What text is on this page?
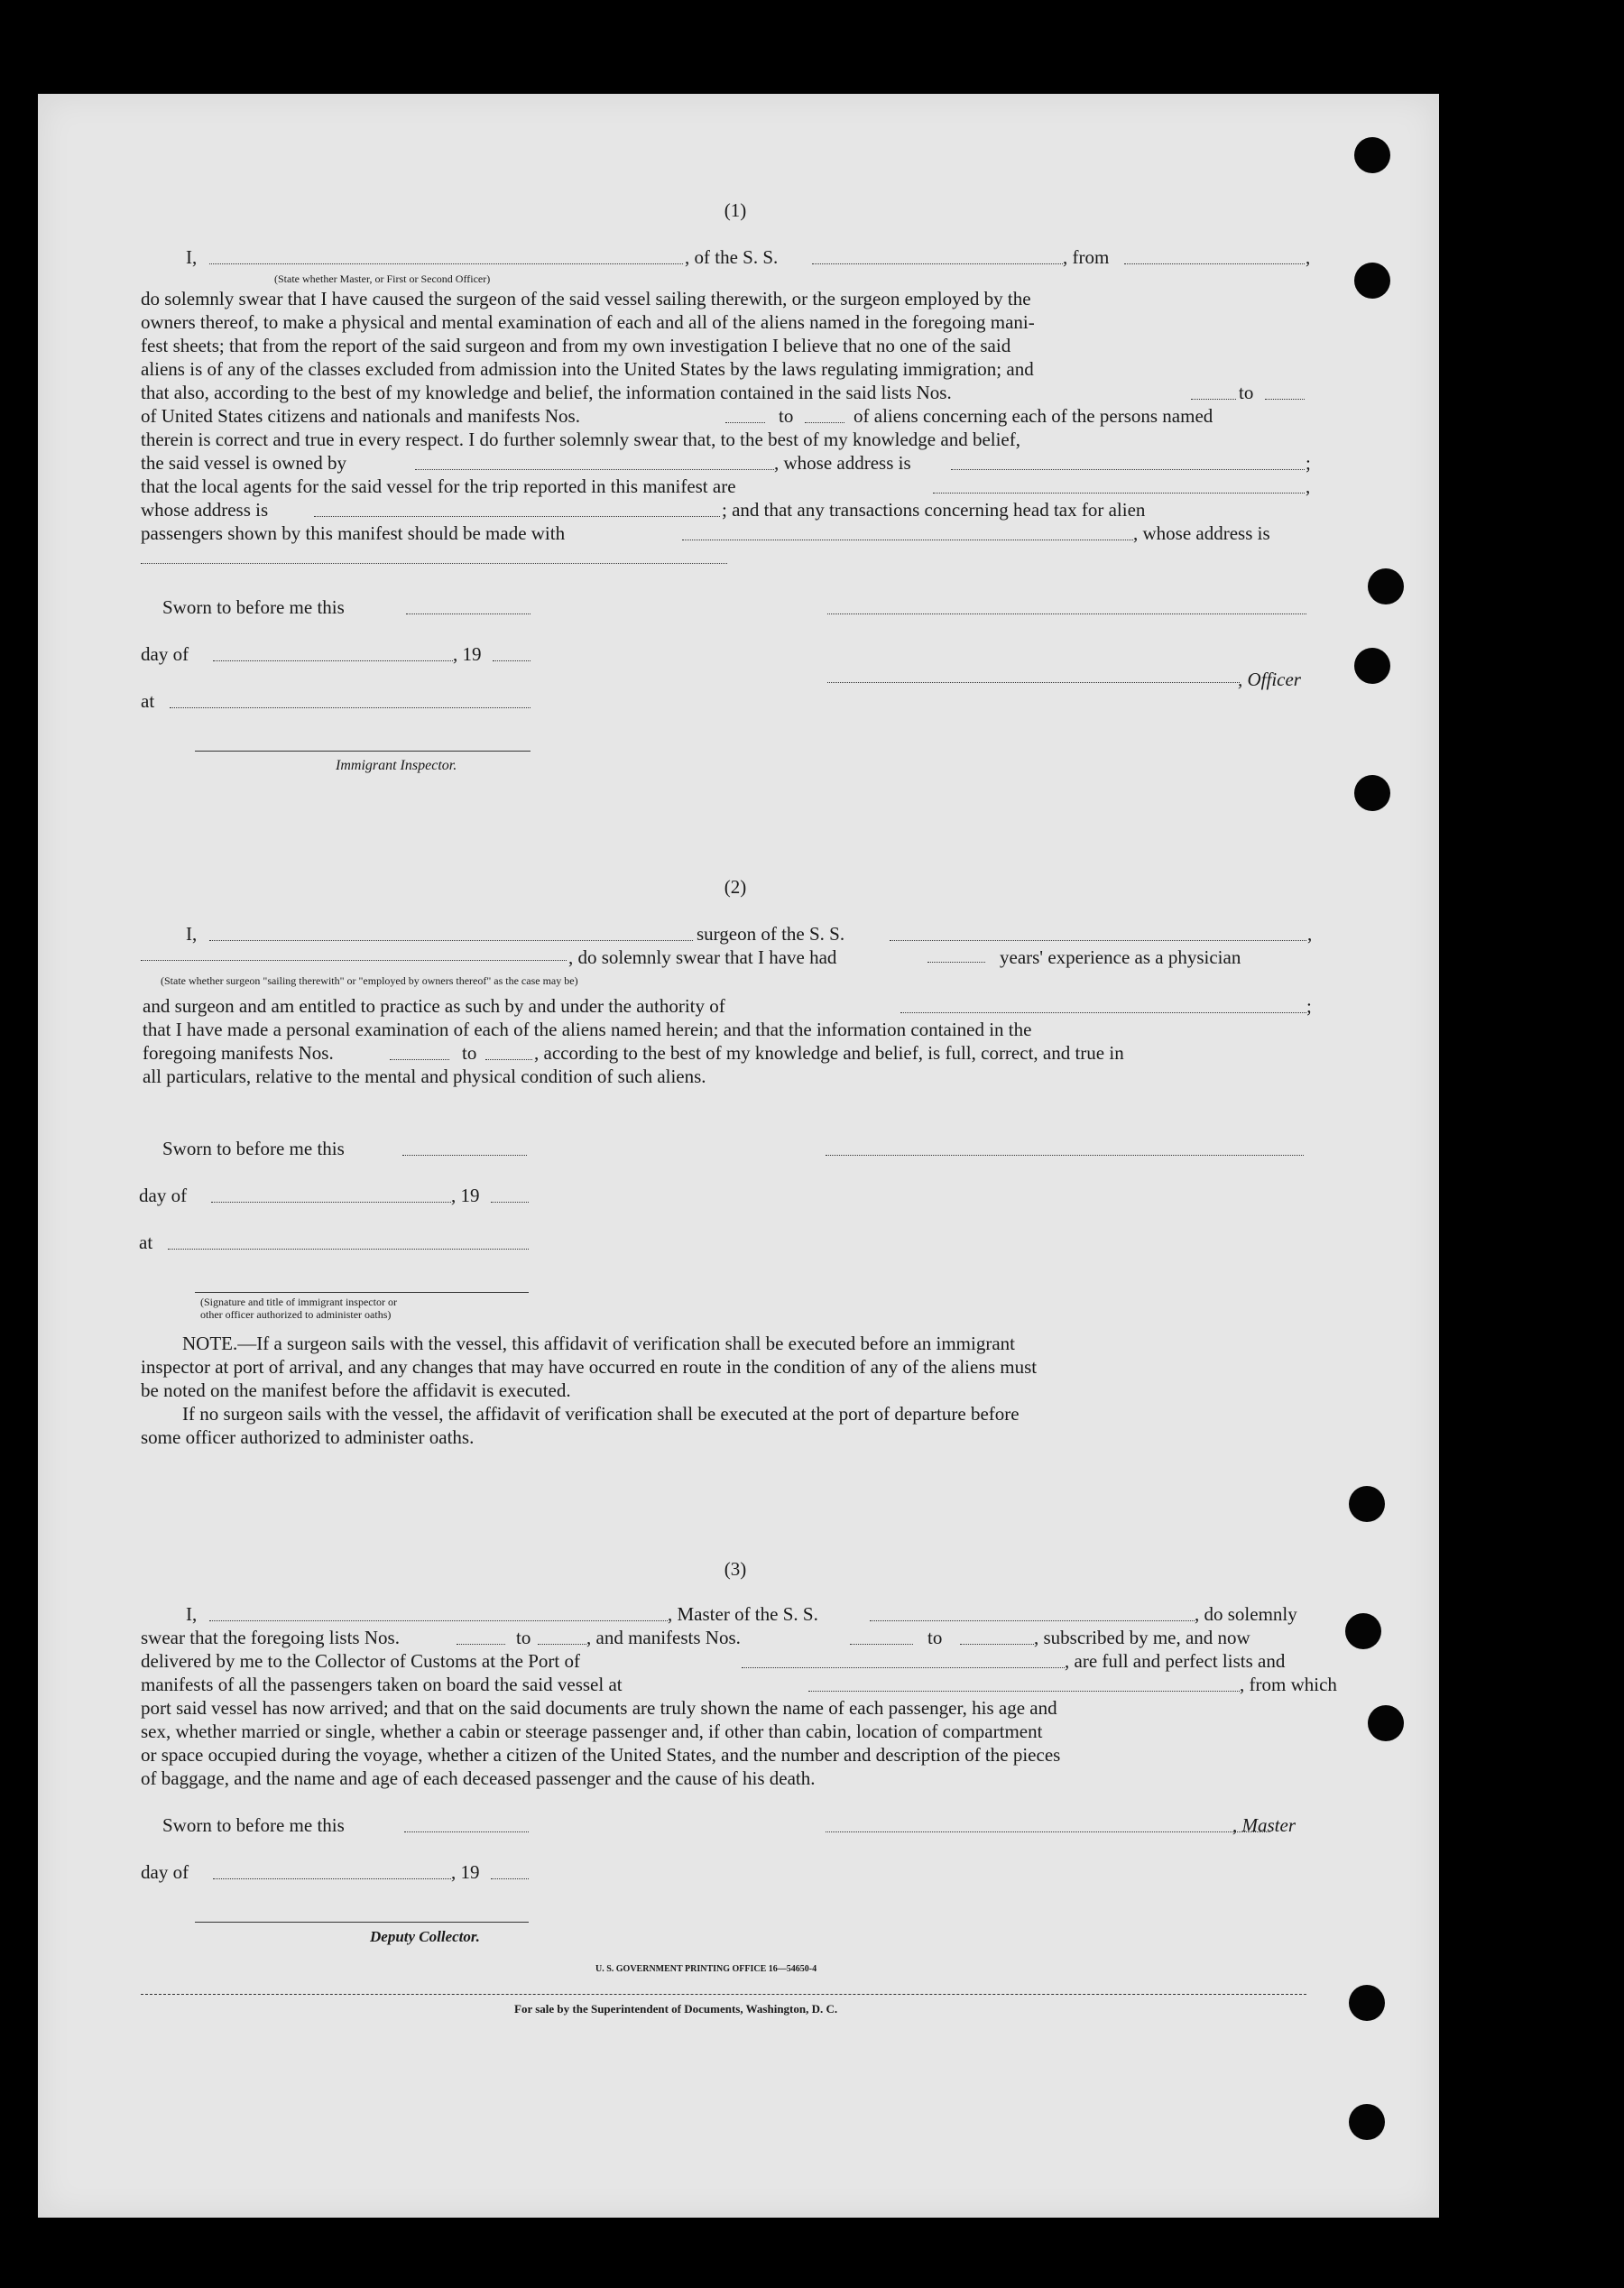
(1)
I,	, of the S. S.	, from	,
(State whether Master, or First or Second Officer)
do solemnly swear that I have caused the surgeon of the said vessel sailing therewith, or the surgeon employed by the
owners thereof, to make a physical and mental examination of each and all of the aliens named in the foregoing mani-
fest sheets; that from the report of the said surgeon and from my own investigation I believe that no one of the said
aliens is of any of the classes excluded from admission into the United States by the laws regulating immigration; and
that also, according to the best of my knowledge and belief, the information contained in the said lists Nos.	to
of United States citizens and nationals and manifests Nos.	to	of aliens concerning each of the persons named
therein is correct and true in every respect. I do further solemnly swear that, to the best of my knowledge and belief,
the said vessel is owned by	, whose address is	;
that the local agents for the said vessel for the trip reported in this manifest are	,
whose address is	; and that any transactions concerning head tax for alien
passengers shown by this manifest should be made with	, whose address is
Sworn to before me this
day of	, 19
, Officer
at
Immigrant Inspector.
(2)
I,	surgeon of the S. S.	,
, do solemnly swear that I have had	years' experience as a physician
(State whether surgeon "sailing therewith" or "employed by owners thereof" as the case may be)
and surgeon and am entitled to practice as such by and under the authority of	;
that I have made a personal examination of each of the aliens named herein; and that the information contained in the
foregoing manifests Nos.	to	, according to the best of my knowledge and belief, is full, correct, and true in
all particulars, relative to the mental and physical condition of such aliens.
Sworn to before me this
day of	, 19
at
(Signature and title of immigrant inspector or
other officer authorized to administer oaths)
NOTE.—If a surgeon sails with the vessel, this affidavit of verification shall be executed before an immigrant
inspector at port of arrival, and any changes that may have occurred en route in the condition of any of the aliens must
be noted on the manifest before the affidavit is executed.
If no surgeon sails with the vessel, the affidavit of verification shall be executed at the port of departure before
some officer authorized to administer oaths.
(3)
I,	, Master of the S. S.	, do solemnly
swear that the foregoing lists Nos.	to	, and manifests Nos.	to	, subscribed by me, and now
delivered by me to the Collector of Customs at the Port of	, are full and perfect lists and
manifests of all the passengers taken on board the said vessel at	, from which
port said vessel has now arrived; and that on the said documents are truly shown the name of each passenger, his age and
sex, whether married or single, whether a cabin or steerage passenger and, if other than cabin, location of compartment
or space occupied during the voyage, whether a citizen of the United States, and the number and description of the pieces
of baggage, and the name and age of each deceased passenger and the cause of his death.
Sworn to before me this	, Master
day of	, 19
Deputy Collector.
U. S. GOVERNMENT PRINTING OFFICE 16—54650-4
For sale by the Superintendent of Documents, Washington, D. C.
